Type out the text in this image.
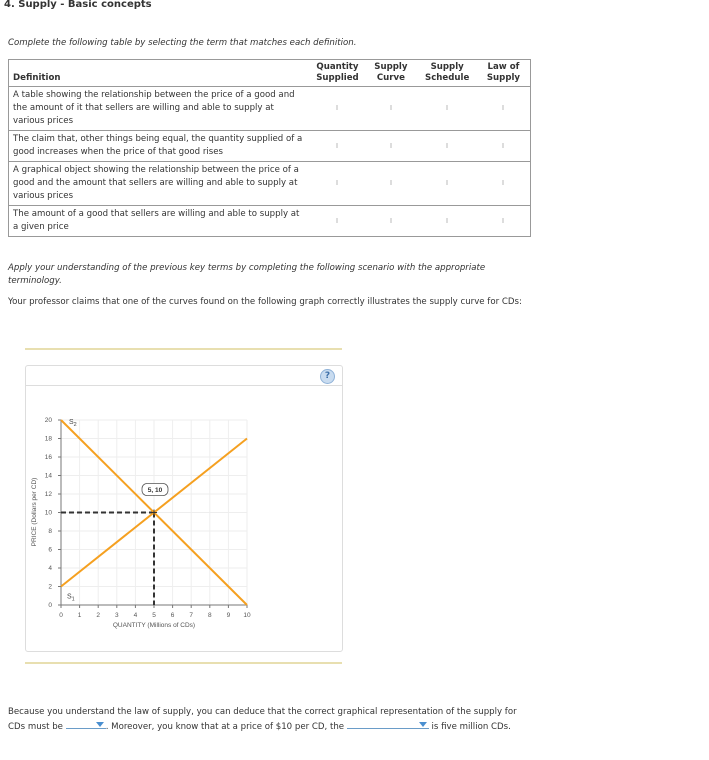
4. Supply - Basic concepts
Complete the following table by selecting the term that matches each definition.
Definition	Quantity Supplied	Supply Curve	Supply Schedule	Law of Supply
A table showing the relationship between the price of a good and the amount of it that sellers are willing and able to supply at various prices				
The claim that, other things being equal, the quantity supplied of a good increases when the price of that good rises				
A graphical object showing the relationship between the price of a good and the amount that sellers are willing and able to supply at various prices				
The amount of a good that sellers are willing and able to supply at a given price				
Apply your understanding of the previous key terms by completing the following scenario with the appropriate terminology.
Your professor claims that one of the curves found on the following graph correctly illustrates the supply curve for CDs:
?
0 1 2 3 4 5 6 7 8 9 10
0
2
4
6
8
10
12
14
16
18
20
$S_1$
$S_2$
5, 10
QUANTITY (Millions of CDs)
PRICE (Dollars per CD)
Because you understand the law of supply, you can deduce that the correct graphical representation of the supply for CDs must be	. Moreover, you know that at a price of $10 per CD, the	is five million CDs.
